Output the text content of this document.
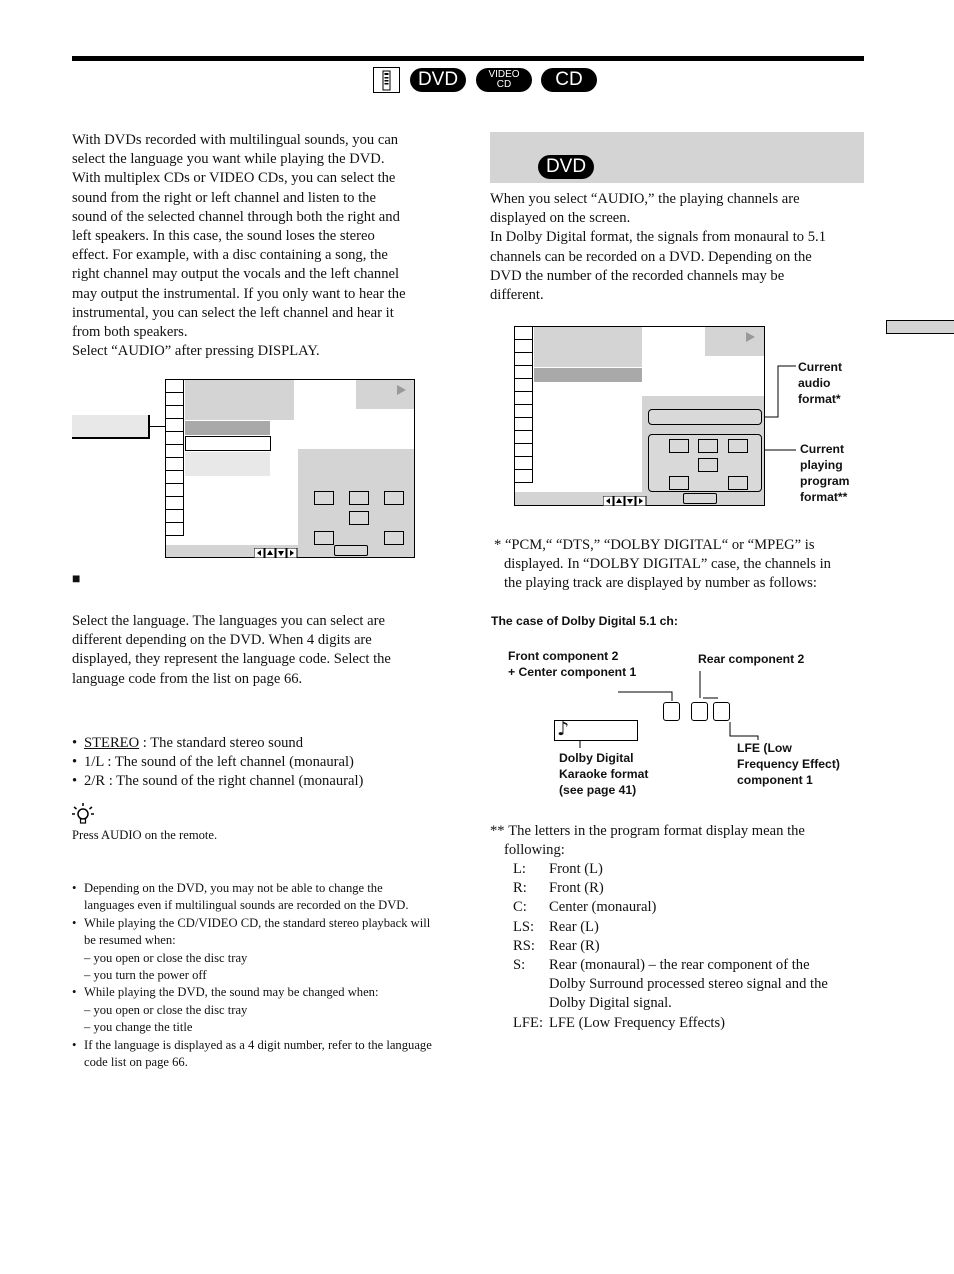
DVD	VIDEO
CD	CD
With DVDs recorded with multilingual sounds, you can
select the language you want while playing the DVD.
With multiplex CDs or VIDEO CDs, you can select the
sound from the right or left channel and listen to the
sound of the selected channel through both the right and
left speakers. In this case, the sound loses the stereo
effect. For example, with a disc containing a song, the
right channel may output the vocals and the left channel
may output the instrumental. If you only want to hear the
instrumental, you can select the left channel and hear it
from both speakers.
Select “AUDIO” after pressing DISPLAY.
■
Select the language. The languages you can select are
different depending on the DVD. When 4 digits are
displayed, they represent the language code. Select the
language code from the list on page 66.
• STEREO : The standard stereo sound
• 1/L : The sound of the left channel (monaural)
• 2/R : The sound of the right channel (monaural)
Press AUDIO on the remote.
• Depending on the DVD, you may not be able to change the languages even if multilingual sounds are recorded on the DVD.
• While playing the CD/VIDEO CD, the standard stereo playback will be resumed when:
– you open or close the disc tray
– you turn the power off
• While playing the DVD, the sound may be changed when:
– you open or close the disc tray
– you change the title
• If the language is displayed as a 4 digit number, refer to the language code list on page 66.
DVD
When you select “AUDIO,” the playing channels are
displayed on the screen.
In Dolby Digital format, the signals from monaural to 5.1
channels can be recorded on a DVD. Depending on the
DVD the number of the recorded channels may be
different.
Current
audio
format*
Current
playing
program
format**
* “PCM,“ “DTS,” “DOLBY DIGITAL“ or “MPEG” is
displayed. In “DOLBY DIGITAL” case, the channels in
the playing track are displayed by number as follows:
The case of Dolby Digital 5.1 ch:
Front component 2
+ Center component 1
Rear component 2
♪
Dolby Digital
Karaoke format
(see page 41)
LFE (Low
Frequency Effect)
component 1
** The letters in the program format display mean the
following:
L:	Front (L)
R:	Front (R)
C:	Center (monaural)
LS:	Rear (L)
RS: Rear (R)
S:	Rear (monaural) – the rear component of the
Dolby Surround processed stereo signal and the
Dolby Digital signal.
LFE: LFE (Low Frequency Effects)
